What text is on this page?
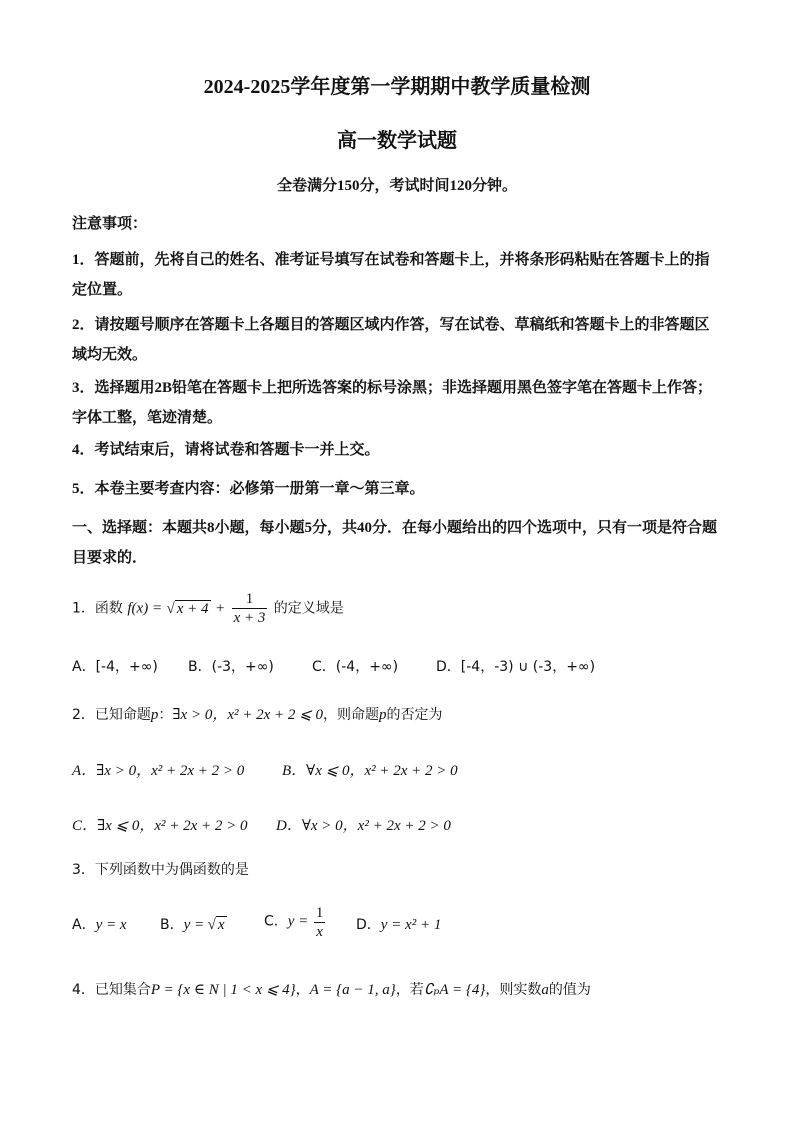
2024-2025学年度第一学期期中教学质量检测
高一数学试题
全卷满分150分，考试时间120分钟。
注意事项：
1．答题前，先将自己的姓名、准考证号填写在试卷和答题卡上，并将条形码粘贴在答题卡上的指定位置。
2．请按题号顺序在答题卡上各题目的答题区域内作答，写在试卷、草稿纸和答题卡上的非答题区域均无效。
3．选择题用2B铅笔在答题卡上把所选答案的标号涂黑；非选择题用黑色签字笔在答题卡上作答；字体工整，笔迹清楚。
4．考试结束后，请将试卷和答题卡一并上交。
5．本卷主要考查内容：必修第一册第一章～第三章。
一、选择题：本题共8小题，每小题5分，共40分．在每小题给出的四个选项中，只有一项是符合题目要求的．
1．函数 f(x) = √ $x + 4 + \frac{1}{x + 3}$ 的定义域是
A．[-4，+∞) B．(-3，+∞)	C．(-4，+∞)	D．[-4，-3) ∪ (-3，+∞)
2．已知命题p：∃x > 0，x² + 2x + 2 ⩽ 0，则命题p的否定为
A．∃x > 0，x² + 2x + 2 > 0	B．∀x ⩽ 0，x² + 2x + 2 > 0
C．∃x ⩽ 0，x² + 2x + 2 > 0 D．∀x > 0，x² + 2x + 2 > 0
3．下列函数中为偶函数的是
A．y = x B．y = √ x	C．$y = \frac{1}{x}$ D．y = x² + 1
4．已知集合P = {x ∈ N | 1 < x ⩽ 4}，A = {a − 1, a}，若∁ₚA = {4}，则实数a的值为
